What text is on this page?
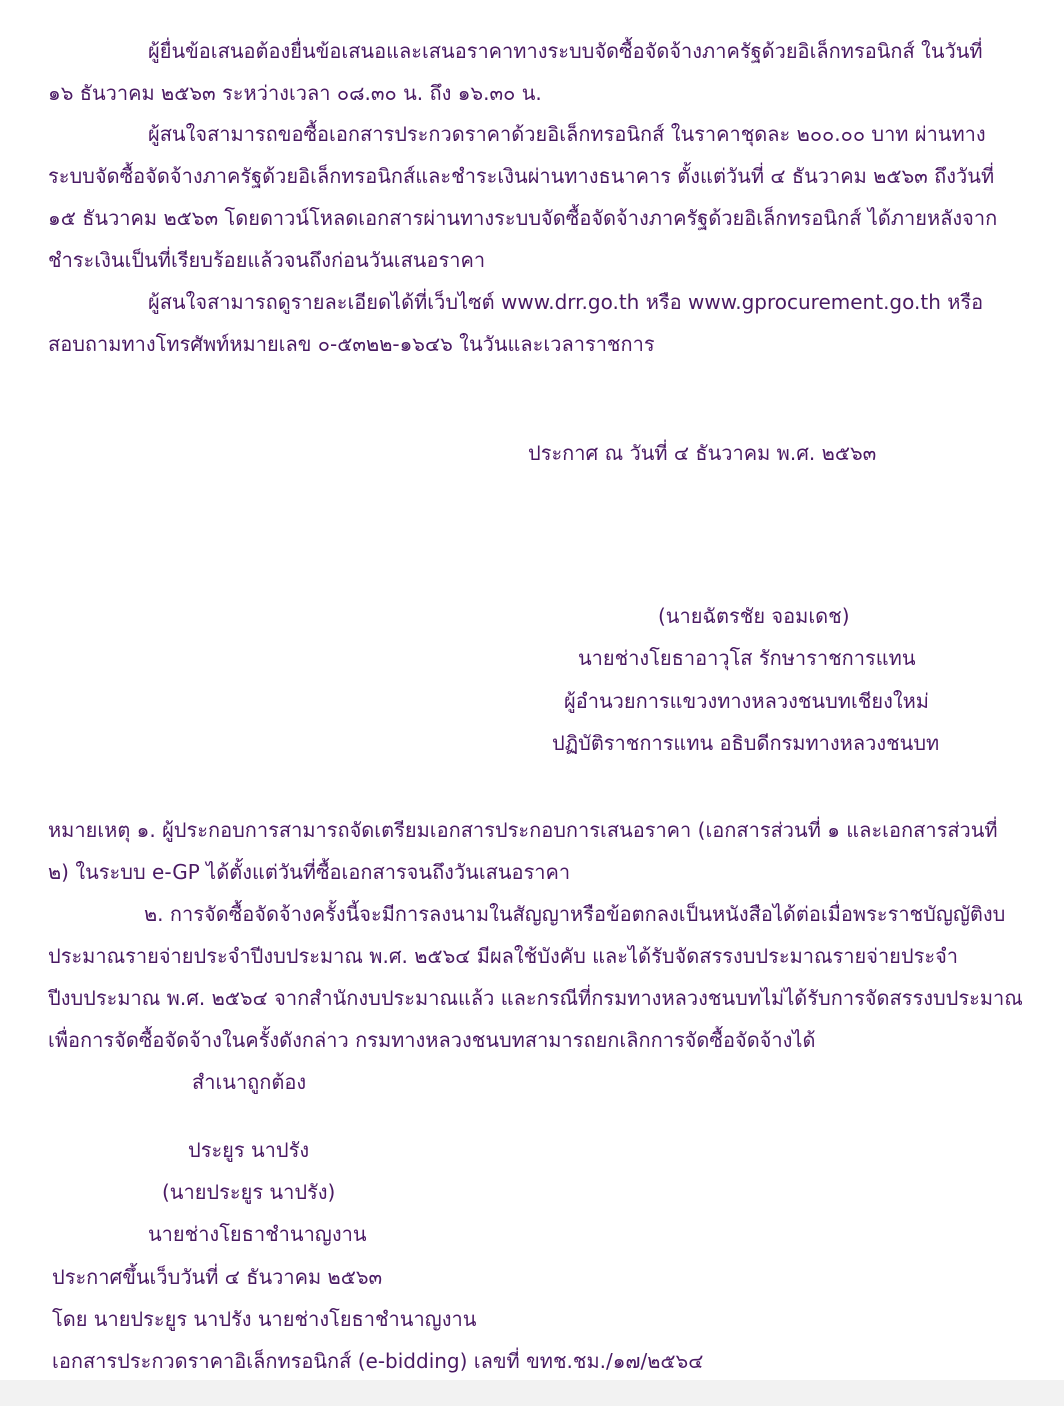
ผู้ยื่นข้อเสนอต้องยื่นข้อเสนอและเสนอราคาทางระบบจัดซื้อจัดจ้างภาครัฐด้วยอิเล็กทรอนิกส์ ในวันที่
๑๖ ธันวาคม ๒๕๖๓ ระหว่างเวลา ๐๘.๓๐ น. ถึง ๑๖.๓๐ น.
ผู้สนใจสามารถขอซื้อเอกสารประกวดราคาด้วยอิเล็กทรอนิกส์ ในราคาชุดละ ๒๐๐.๐๐ บาท ผ่านทาง
ระบบจัดซื้อจัดจ้างภาครัฐด้วยอิเล็กทรอนิกส์และชำระเงินผ่านทางธนาคาร ตั้งแต่วันที่ ๔ ธันวาคม ๒๕๖๓ ถึงวันที่
๑๕ ธันวาคม ๒๕๖๓ โดยดาวน์โหลดเอกสารผ่านทางระบบจัดซื้อจัดจ้างภาครัฐด้วยอิเล็กทรอนิกส์ ได้ภายหลังจาก
ชำระเงินเป็นที่เรียบร้อยแล้วจนถึงก่อนวันเสนอราคา
ผู้สนใจสามารถดูรายละเอียดได้ที่เว็บไซต์ www.drr.go.th หรือ www.gprocurement.go.th หรือ
สอบถามทางโทรศัพท์หมายเลข ๐-๕๓๒๒-๑๖๔๖ ในวันและเวลาราชการ
ประกาศ ณ วันที่ ๔ ธันวาคม พ.ศ. ๒๕๖๓
(นายฉัตรชัย จอมเดช)
นายช่างโยธาอาวุโส รักษาราชการแทน
ผู้อำนวยการแขวงทางหลวงชนบทเชียงใหม่
ปฏิบัติราชการแทน อธิบดีกรมทางหลวงชนบท
หมายเหตุ ๑. ผู้ประกอบการสามารถจัดเตรียมเอกสารประกอบการเสนอราคา (เอกสารส่วนที่ ๑ และเอกสารส่วนที่
๒) ในระบบ e-GP ได้ตั้งแต่วันที่ซื้อเอกสารจนถึงวันเสนอราคา
๒. การจัดซื้อจัดจ้างครั้งนี้จะมีการลงนามในสัญญาหรือข้อตกลงเป็นหนังสือได้ต่อเมื่อพระราชบัญญัติงบ
ประมาณรายจ่ายประจำปีงบประมาณ พ.ศ. ๒๕๖๔ มีผลใช้บังคับ และได้รับจัดสรรงบประมาณรายจ่ายประจำ
ปีงบประมาณ พ.ศ. ๒๕๖๔ จากสำนักงบประมาณแล้ว และกรณีที่กรมทางหลวงชนบทไม่ได้รับการจัดสรรงบประมาณ
เพื่อการจัดซื้อจัดจ้างในครั้งดังกล่าว กรมทางหลวงชนบทสามารถยกเลิกการจัดซื้อจัดจ้างได้
สำเนาถูกต้อง
ประยูร นาปรัง
(นายประยูร นาปรัง)
นายช่างโยธาชำนาญงาน
ประกาศขึ้นเว็บวันที่ ๔ ธันวาคม ๒๕๖๓
โดย นายประยูร นาปรัง นายช่างโยธาชำนาญงาน
เอกสารประกวดราคาอิเล็กทรอนิกส์ (e-bidding) เลขที่ ขทช.ชม./๑๗/๒๕๖๔
